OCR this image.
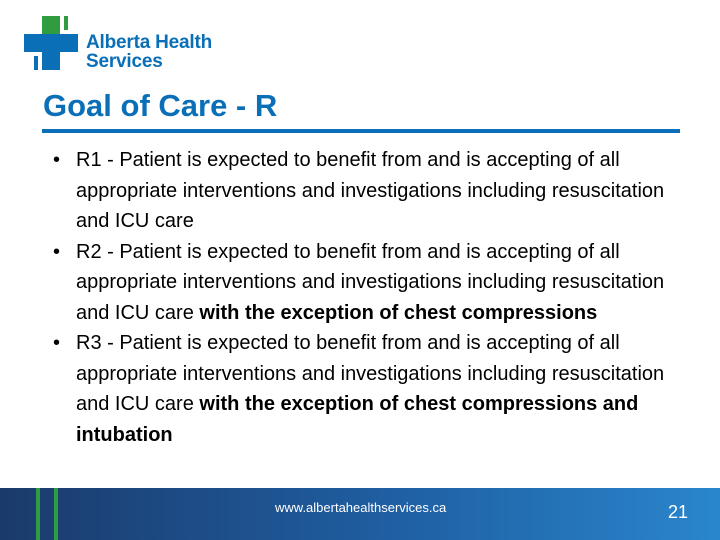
Alberta Health
Services
Goal of Care - R
• R1 - Patient is expected to benefit from and is accepting of all appropriate interventions and investigations including resuscitation and ICU care
• R2 - Patient is expected to benefit from and is accepting of all appropriate interventions and investigations including resuscitation and ICU care with the exception of chest compressions
• R3 - Patient is expected to benefit from and is accepting of all appropriate interventions and investigations including resuscitation and ICU care with the exception of chest compressions and intubation
www.albertahealthservices.ca	21
